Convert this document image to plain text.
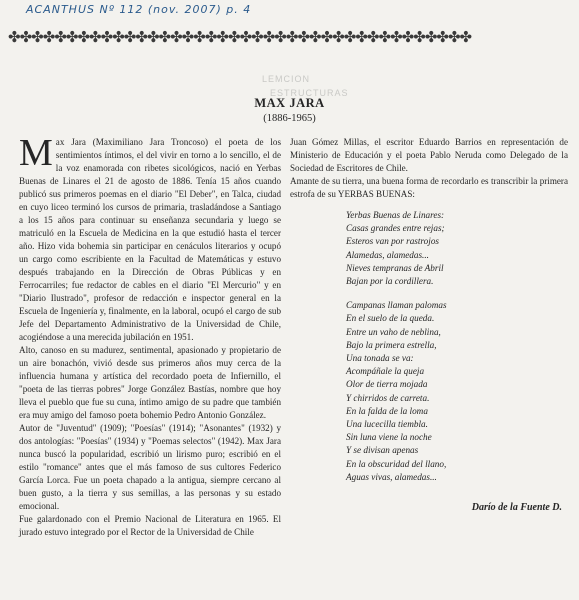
ACANTHUS Nº 112 (nov. 2007) p. 4
✤✤✤✤✤✤✤✤✤✤✤✤✤✤✤✤✤✤✤✤✤✤✤✤✤✤✤✤✤✤✤✤✤✤✤✤✤✤✤✤
LEMCION
ESTRUCTURAS
MAX JARA
(1886-1965)

Max Jara (Maximiliano Jara Troncoso) el poeta de los sentimientos íntimos, el del vivir en torno a lo sencillo, el de la voz enamorada con ribetes sicológicos, nació en Yerbas Buenas de Linares el 21 de agosto de 1886. Tenía 15 años cuando publicó sus primeros poemas en el diario "El Deber", en Talca, ciudad en cuyo liceo terminó los cursos de primaria, trasladándose a Santiago a los 15 años para continuar su enseñanza secundaria y luego se matriculó en la Escuela de Medicina en la que estudió hasta el tercer año. Hizo vida bohemia sin participar en cenáculos literarios y ocupó un cargo como escribiente en la Facultad de Matemáticas y estuvo después trabajando en la Dirección de Obras Públicas y en Ferrocarriles; fue redactor de cables en el diario "El Mercurio" y en "Diario Ilustrado", profesor de redacción e inspector general en la Escuela de Ingeniería y, finalmente, en la laboral, ocupó el cargo de sub Jefe del Departamento Administrativo de la Universidad de Chile, acogiéndose a una merecida jubilación en 1951.

Alto, canoso en su madurez, sentimental, apasionado y propietario de un aire bonachón, vivió desde sus primeros años muy cerca de la influencia humana y artística del recordado poeta de Infiernillo, el "poeta de las tierras pobres" Jorge González Bastías, nombre que hoy lleva el pueblo que fue su cuna, íntimo amigo de su padre que también era muy amigo del famoso poeta bohemio Pedro Antonio González.

Autor de "Juventud" (1909); "Poesías" (1914); "Asonantes" (1932) y dos antologías: "Poesías" (1934) y "Poemas selectos" (1942). Max Jara nunca buscó la popularidad, escribió un lirismo puro; escribió en el estilo "romance" antes que el más famoso de sus cultores Federico García Lorca. Fue un poeta chapado a la antigua, siempre cercano al buen gusto, a la tierra y sus semillas, a las personas y su estado emocional.

Fue galardonado con el Premio Nacional de Literatura en 1965. El jurado estuvo integrado por el Rector de la Universidad de Chile

Juan Gómez Millas, el escritor Eduardo Barrios en representación de Ministerio de Educación y el poeta Pablo Neruda como Delegado de la Sociedad de Escritores de Chile.

Amante de su tierra, una buena forma de recordarlo es transcribir la primera estrofa de su YERBAS BUENAS:

Yerbas Buenas de Linares:
Casas grandes entre rejas;
Esteros van por rastrojos
Alamedas, alamedas...
Nieves tempranas de Abril
Bajan por la cordillera.
Campanas llaman palomas
En el suelo de la queda.
Entre un vaho de neblina,
Bajo la primera estrella,
Una tonada se va:
Acompáñale la queja
Olor de tierra mojada
Y chirridos de carreta.
En la falda de la loma
Una lucecilla tiembla.
Sin luna viene la noche
Y se divisan apenas
En la obscuridad del llano,
Aguas vivas, alamedas...
Darío de la Fuente D.
